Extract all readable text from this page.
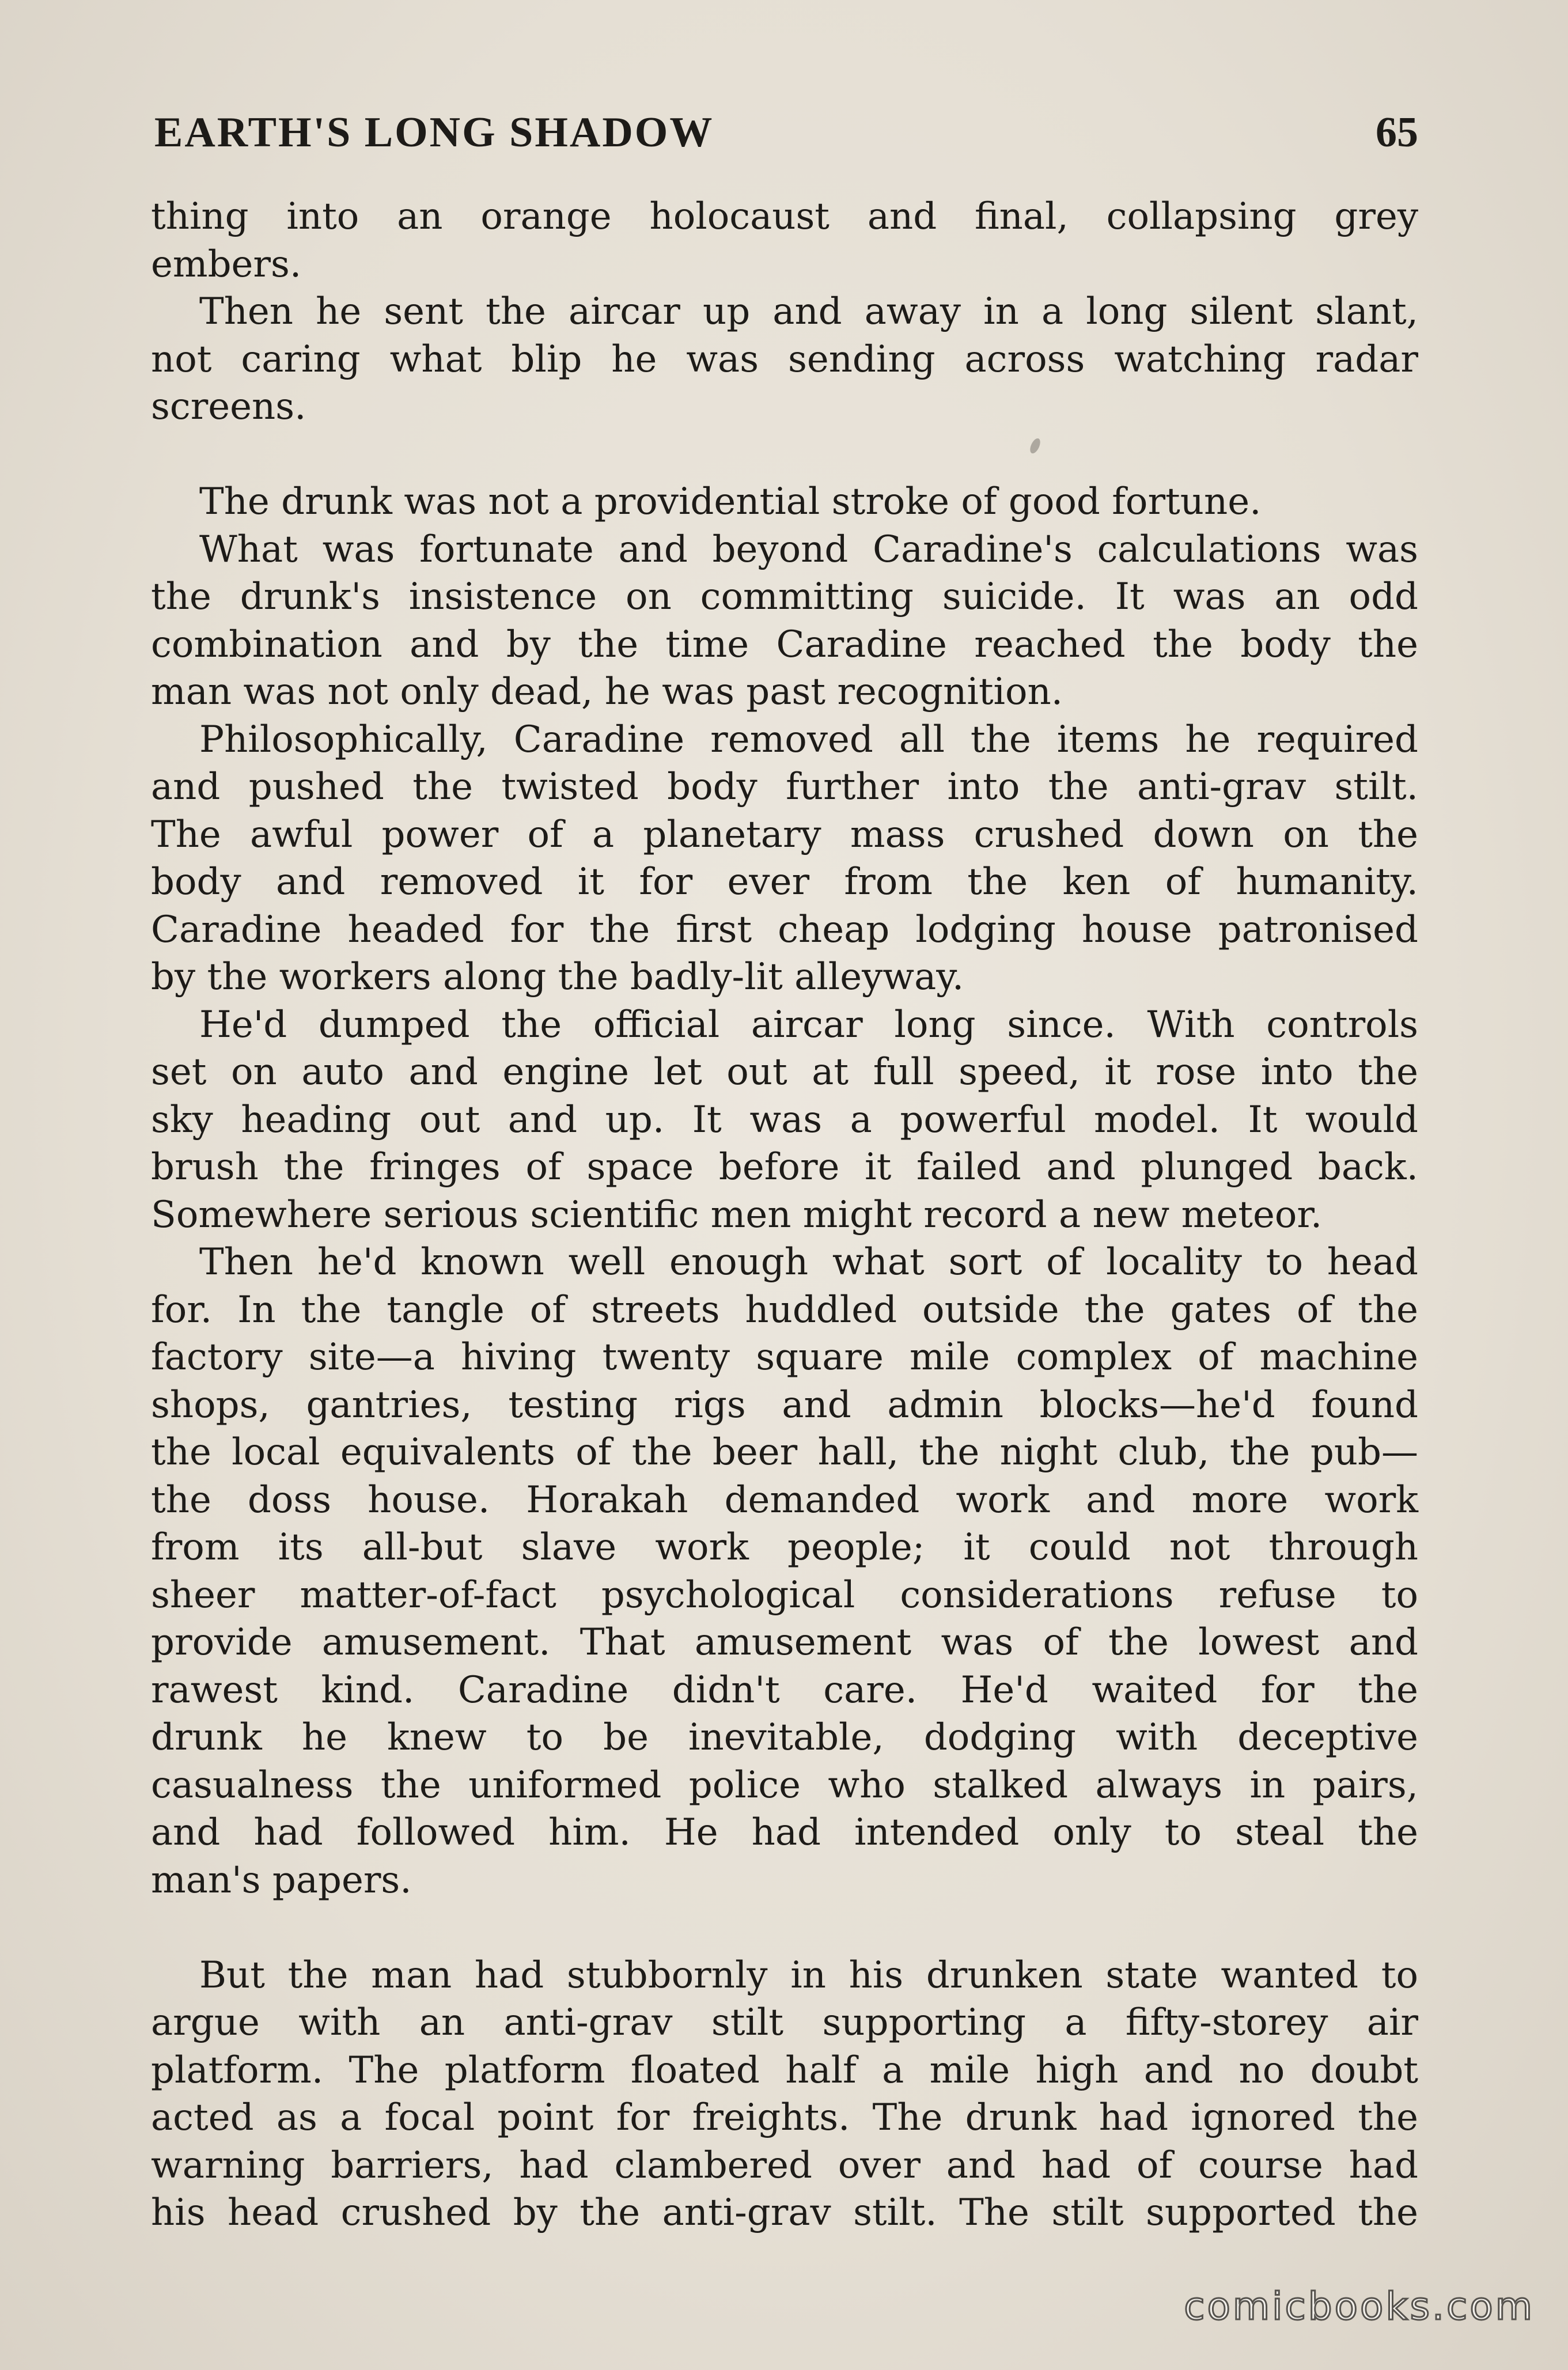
EARTH'S LONG SHADOW	65
thing into an orange holocaust and final, collapsing grey
embers.
Then he sent the aircar up and away in a long silent slant,
not caring what blip he was sending across watching radar
screens.
The drunk was not a providential stroke of good fortune.
What was fortunate and beyond Caradine's calculations was
the drunk's insistence on committing suicide. It was an odd
combination and by the time Caradine reached the body the
man was not only dead, he was past recognition.
Philosophically, Caradine removed all the items he required
and pushed the twisted body further into the anti-grav stilt.
The awful power of a planetary mass crushed down on the
body and removed it for ever from the ken of humanity.
Caradine headed for the first cheap lodging house patronised
by the workers along the badly-lit alleyway.
He'd dumped the official aircar long since. With controls
set on auto and engine let out at full speed, it rose into the
sky heading out and up. It was a powerful model. It would
brush the fringes of space before it failed and plunged back.
Somewhere serious scientific men might record a new meteor.
Then he'd known well enough what sort of locality to head
for. In the tangle of streets huddled outside the gates of the
factory site—a hiving twenty square mile complex of machine
shops, gantries, testing rigs and admin blocks—he'd found
the local equivalents of the beer hall, the night club, the pub—
the doss house. Horakah demanded work and more work
from its all-but slave work people; it could not through
sheer matter-of-fact psychological considerations refuse to
provide amusement. That amusement was of the lowest and
rawest kind. Caradine didn't care. He'd waited for the
drunk he knew to be inevitable, dodging with deceptive
casualness the uniformed police who stalked always in pairs,
and had followed him. He had intended only to steal the
man's papers.
But the man had stubbornly in his drunken state wanted to
argue with an anti-grav stilt supporting a fifty-storey air
platform. The platform floated half a mile high and no doubt
acted as a focal point for freights. The drunk had ignored the
warning barriers, had clambered over and had of course had
his head crushed by the anti-grav stilt. The stilt supported the
comicbooks.com
